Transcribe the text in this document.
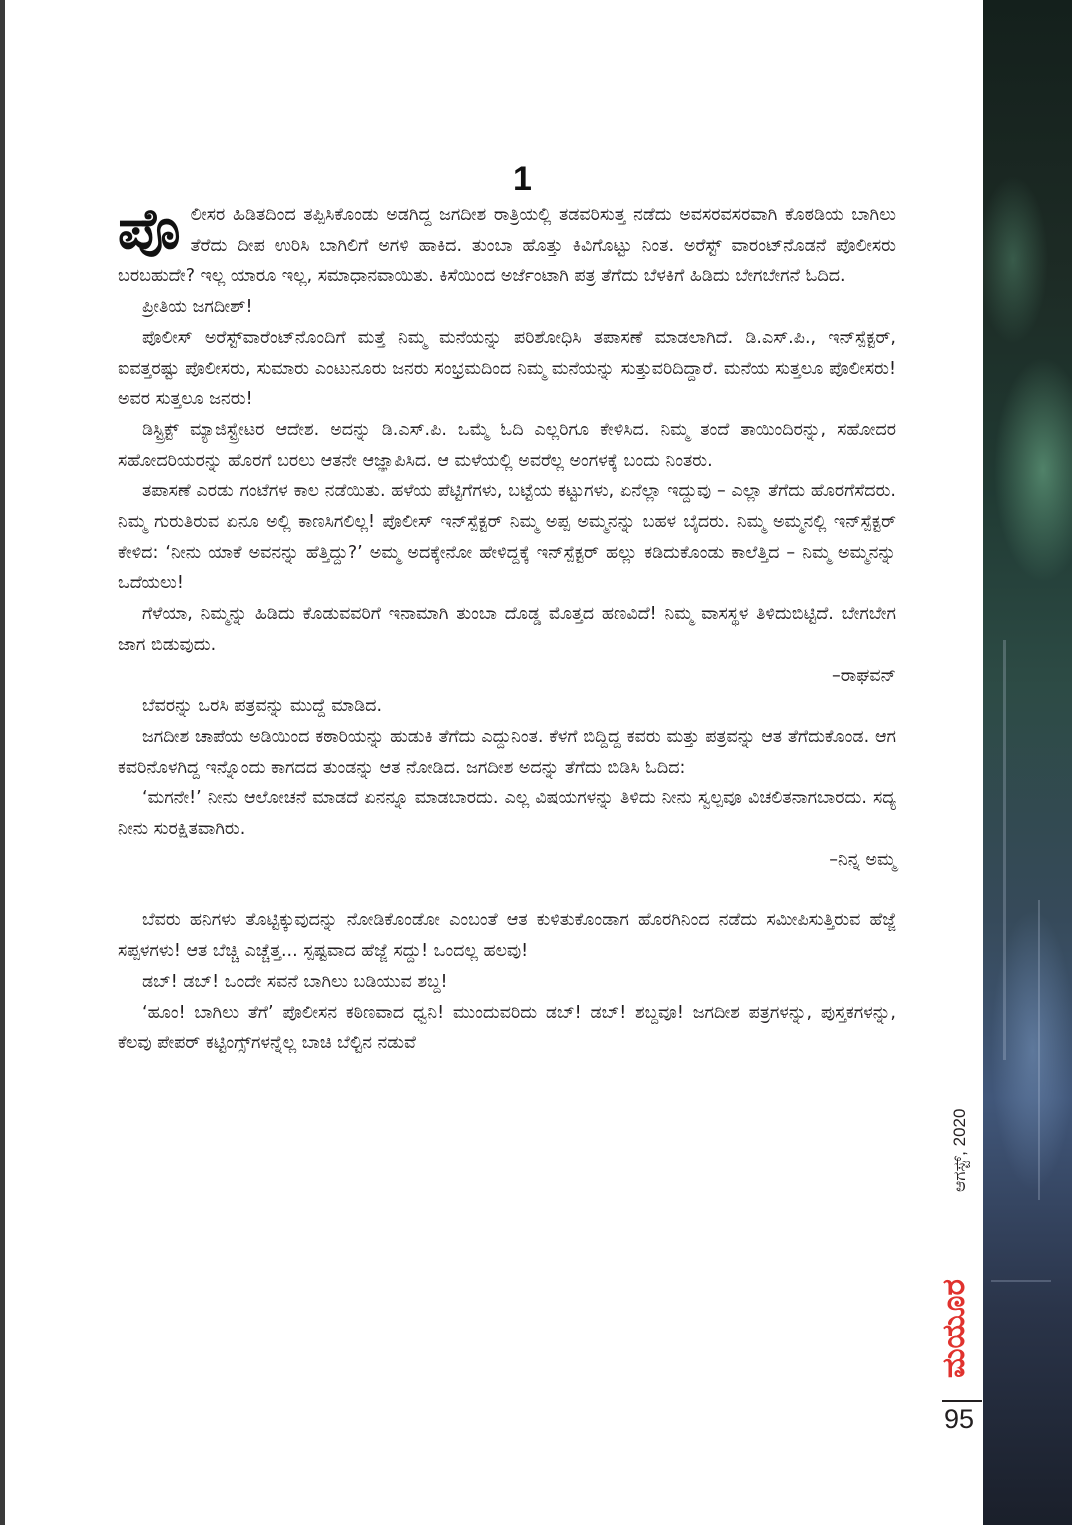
1

ಪೊಲೀಸರ ಹಿಡಿತದಿಂದ ತಪ್ಪಿಸಿಕೊಂಡು ಅಡಗಿದ್ದ ಜಗದೀಶ ರಾತ್ರಿಯಲ್ಲಿ ತಡವರಿಸುತ್ತ ನಡೆದು ಅವಸರವಸರವಾಗಿ ಕೊಠಡಿಯ ಬಾಗಿಲು ತೆರೆದು ದೀಪ ಉರಿಸಿ ಬಾಗಿಲಿಗೆ ಅಗಳಿ ಹಾಕಿದ. ತುಂಬಾ ಹೊತ್ತು ಕಿವಿಗೊಟ್ಟು ನಿಂತ. ಅರೆಸ್ಟ್ ವಾರಂಟ್‌ನೊಡನೆ ಪೊಲೀಸರು ಬರಬಹುದೇ? ಇಲ್ಲ ಯಾರೂ ಇಲ್ಲ, ಸಮಾಧಾನವಾಯಿತು. ಕಿಸೆಯಿಂದ ಅರ್ಜೆಂಟಾಗಿ ಪತ್ರ ತೆಗೆದು ಬೆಳಕಿಗೆ ಹಿಡಿದು ಬೇಗಬೇಗನೆ ಓದಿದ.

ಪ್ರೀತಿಯ ಜಗದೀಶ್!

ಪೊಲೀಸ್ ಅರೆಸ್ಟ್‌ವಾರೆಂಟ್‌ನೊಂದಿಗೆ ಮತ್ತೆ ನಿಮ್ಮ ಮನೆಯನ್ನು ಪರಿಶೋಧಿಸಿ ತಪಾಸಣೆ ಮಾಡಲಾಗಿದೆ. ಡಿ.ಎಸ್.ಪಿ., ಇನ್‌ಸ್ಪೆಕ್ಟರ್, ಐವತ್ತರಷ್ಟು ಪೊಲೀಸರು, ಸುಮಾರು ಎಂಟುನೂರು ಜನರು ಸಂಭ್ರಮದಿಂದ ನಿಮ್ಮ ಮನೆಯನ್ನು ಸುತ್ತುವರಿದಿದ್ದಾರೆ. ಮನೆಯ ಸುತ್ತಲೂ ಪೊಲೀಸರು! ಅವರ ಸುತ್ತಲೂ ಜನರು!

ಡಿಸ್ಟ್ರಿಕ್ಟ್ ಮ್ಯಾಜಿಸ್ಟ್ರೇಟರ ಆದೇಶ. ಅದನ್ನು ಡಿ.ಎಸ್.ಪಿ. ಒಮ್ಮೆ ಓದಿ ಎಲ್ಲರಿಗೂ ಕೇಳಿಸಿದ. ನಿಮ್ಮ ತಂದೆ ತಾಯಿಂದಿರನ್ನು, ಸಹೋದರ ಸಹೋದರಿಯರನ್ನು ಹೊರಗೆ ಬರಲು ಆತನೇ ಆಜ್ಞಾಪಿಸಿದ. ಆ ಮಳೆಯಲ್ಲಿ ಅವರೆಲ್ಲ ಅಂಗಳಕ್ಕೆ ಬಂದು ನಿಂತರು.

ತಪಾಸಣೆ ಎರಡು ಗಂಟೆಗಳ ಕಾಲ ನಡೆಯಿತು. ಹಳೆಯ ಪೆಟ್ಟಿಗೆಗಳು, ಬಟ್ಟೆಯ ಕಟ್ಟುಗಳು, ಏನೆಲ್ಲಾ ಇದ್ದುವು – ಎಲ್ಲಾ ತೆಗೆದು ಹೊರಗೆಸೆದರು. ನಿಮ್ಮ ಗುರುತಿರುವ ಏನೂ ಅಲ್ಲಿ ಕಾಣಸಿಗಲಿಲ್ಲ! ಪೊಲೀಸ್ ಇನ್‌ಸ್ಪೆಕ್ಟರ್ ನಿಮ್ಮ ಅಪ್ಪ ಅಮ್ಮನನ್ನು ಬಹಳ ಬೈದರು. ನಿಮ್ಮ ಅಮ್ಮನಲ್ಲಿ ಇನ್‌ಸ್ಪೆಕ್ಟರ್ ಕೇಳಿದ: ‘ನೀನು ಯಾಕೆ ಅವನನ್ನು ಹೆತ್ತಿದ್ದು?’ ಅಮ್ಮ ಅದಕ್ಕೇನೋ ಹೇಳಿದ್ದಕ್ಕೆ ಇನ್‌ಸ್ಪೆಕ್ಟರ್ ಹಲ್ಲು ಕಡಿದುಕೊಂಡು ಕಾಲೆತ್ತಿದ – ನಿಮ್ಮ ಅಮ್ಮನನ್ನು ಒದೆಯಲು!

ಗೆಳೆಯಾ, ನಿಮ್ಮನ್ನು ಹಿಡಿದು ಕೊಡುವವರಿಗೆ ಇನಾಮಾಗಿ ತುಂಬಾ ದೊಡ್ಡ ಮೊತ್ತದ ಹಣವಿದೆ! ನಿಮ್ಮ ವಾಸಸ್ಥಳ ತಿಳಿದುಬಿಟ್ಟಿದೆ. ಬೇಗಬೇಗ ಜಾಗ ಬಿಡುವುದು.

–ರಾಘವನ್

ಬೆವರನ್ನು ಒರಸಿ ಪತ್ರವನ್ನು ಮುದ್ದೆ ಮಾಡಿದ.

ಜಗದೀಶ ಚಾಪೆಯ ಅಡಿಯಿಂದ ಕಠಾರಿಯನ್ನು ಹುಡುಕಿ ತೆಗೆದು ಎದ್ದುನಿಂತ. ಕೆಳಗೆ ಬಿದ್ದಿದ್ದ ಕವರು ಮತ್ತು ಪತ್ರವನ್ನು ಆತ ತೆಗೆದುಕೊಂಡ. ಆಗ ಕವರಿನೊಳಗಿದ್ದ ಇನ್ನೊಂದು ಕಾಗದದ ತುಂಡನ್ನು ಆತ ನೋಡಿದ. ಜಗದೀಶ ಅದನ್ನು ತೆಗೆದು ಬಿಡಿಸಿ ಓದಿದ:

‘ಮಗನೇ!’ ನೀನು ಆಲೋಚನೆ ಮಾಡದೆ ಏನನ್ನೂ ಮಾಡಬಾರದು. ಎಲ್ಲ ವಿಷಯಗಳನ್ನು ತಿಳಿದು ನೀನು ಸ್ವಲ್ಪವೂ ವಿಚಲಿತನಾಗಬಾರದು. ಸದ್ಯ ನೀನು ಸುರಕ್ಷಿತವಾಗಿರು.

–ನಿನ್ನ ಅಮ್ಮ

ಬೆವರು ಹನಿಗಳು ತೊಟ್ಟಿಕ್ಕುವುದನ್ನು ನೋಡಿಕೊಂಡೋ ಎಂಬಂತೆ ಆತ ಕುಳಿತುಕೊಂಡಾಗ ಹೊರಗಿನಿಂದ ನಡೆದು ಸಮೀಪಿಸುತ್ತಿರುವ ಹೆಜ್ಜೆ ಸಪ್ಪಳಗಳು! ಆತ ಬೆಚ್ಚಿ ಎಚ್ಚೆತ್ತ... ಸ್ಪಷ್ಟವಾದ ಹೆಜ್ಜೆ ಸದ್ದು! ಒಂದಲ್ಲ ಹಲವು!

ಡಬ್! ಡಬ್! ಒಂದೇ ಸವನೆ ಬಾಗಿಲು ಬಡಿಯುವ ಶಬ್ದ!

‘ಹೂಂ! ಬಾಗಿಲು ತೆಗೆ’ ಪೊಲೀಸನ ಕಠಿಣವಾದ ಧ್ವನಿ! ಮುಂದುವರಿದು ಡಬ್! ಡಬ್! ಶಬ್ದವೂ! ಜಗದೀಶ ಪತ್ರಗಳನ್ನು, ಪುಸ್ತಕಗಳನ್ನು, ಕೆಲವು ಪೇಪರ್ ಕಟ್ಟಿಂಗ್ಸ್‌ಗಳನ್ನೆಲ್ಲ ಬಾಚಿ ಬೆಲ್ಟಿನ ನಡುವೆ

ಆಗಸ್ಟ್, 2020
ಮಯೂರ
95
